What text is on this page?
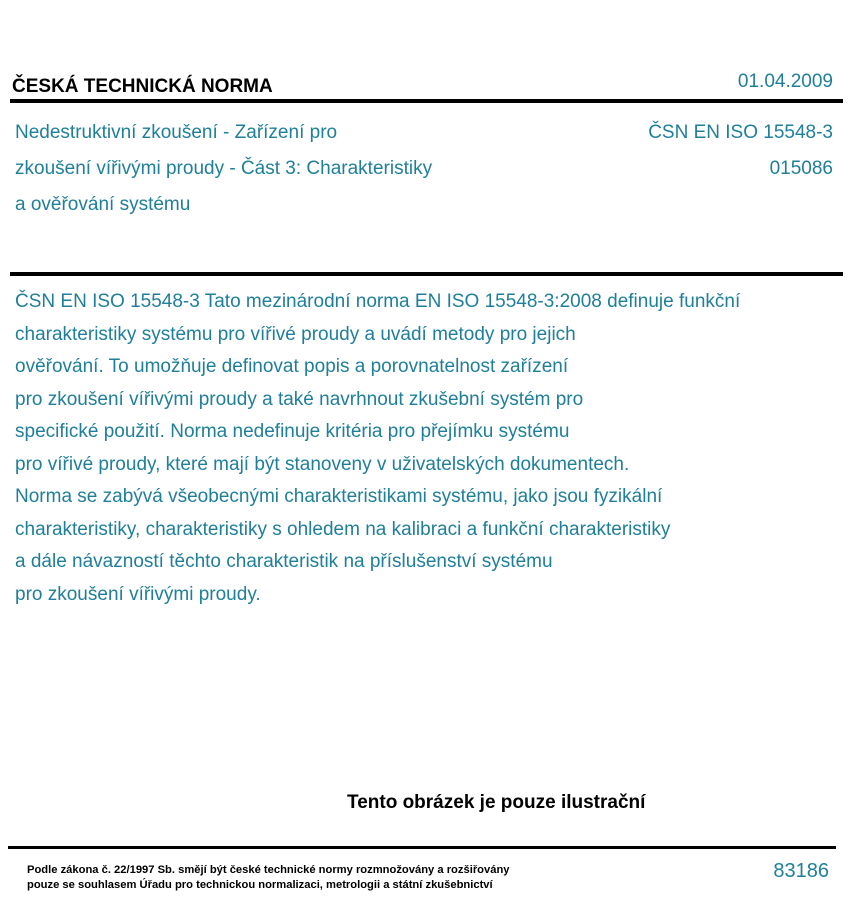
ČESKÁ TECHNICKÁ NORMA	01.04.2009
Nedestruktivní zkoušení - Zařízení pro
zkoušení vířivými proudy - Část 3: Charakteristiky
a ověřování systému
ČSN EN ISO 15548-3
015086
ČSN EN ISO 15548-3 Tato mezinárodní norma EN ISO 15548-3:2008 definuje funkční
charakteristiky systému pro vířivé proudy a uvádí metody pro jejich
ověřování. To umožňuje definovat popis a porovnatelnost zařízení
pro zkoušení vířivými proudy a také navrhnout zkušební systém pro
specifické použití. Norma nedefinuje kritéria pro přejímku systému
pro vířivé proudy, které mají být stanoveny v uživatelských dokumentech.
Norma se zabývá všeobecnými charakteristikami systému, jako jsou fyzikální
charakteristiky, charakteristiky s ohledem na kalibraci a funkční charakteristiky
a dále návazností těchto charakteristik na příslušenství systému
pro zkoušení vířivými proudy.
Tento obrázek je pouze ilustrační
Podle zákona č. 22/1997 Sb. smějí být české technické normy rozmnožovány a rozšiřovány
pouze se souhlasem Úřadu pro technickou normalizaci, metrologii a státní zkušebnictví
83186
